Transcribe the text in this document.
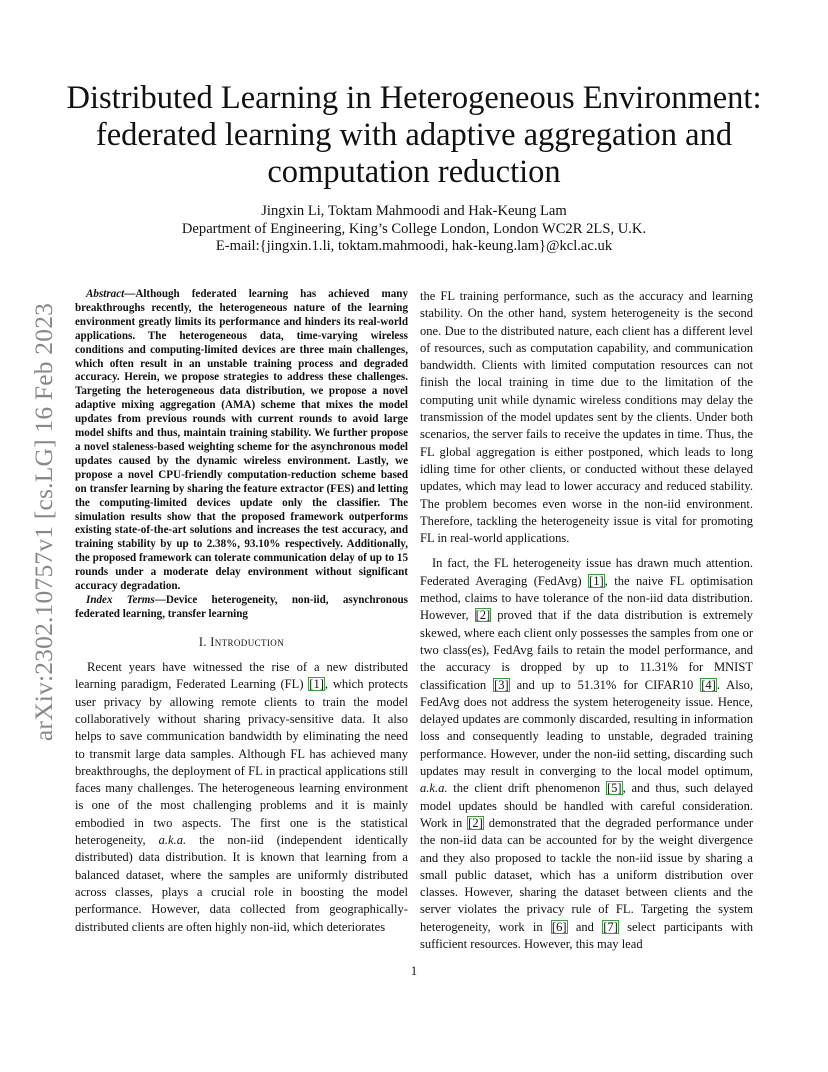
arXiv:2302.10757v1 [cs.LG] 16 Feb 2023
Distributed Learning in Heterogeneous Environment:
federated learning with adaptive aggregation and
computation reduction
Jingxin Li, Toktam Mahmoodi and Hak-Keung Lam
Department of Engineering, King’s College London, London WC2R 2LS, U.K.
E-mail:{jingxin.1.li, toktam.mahmoodi, hak-keung.lam}@kcl.ac.uk

Abstract—Although federated learning has achieved many breakthroughs recently, the heterogeneous nature of the learning environment greatly limits its performance and hinders its real-world applications. The heterogeneous data, time-varying wireless conditions and computing-limited devices are three main challenges, which often result in an unstable training process and degraded accuracy. Herein, we propose strategies to address these challenges. Targeting the heterogeneous data distribution, we propose a novel adaptive mixing aggregation (AMA) scheme that mixes the model updates from previous rounds with current rounds to avoid large model shifts and thus, maintain training stability. We further propose a novel staleness-based weighting scheme for the asynchronous model updates caused by the dynamic wireless environment. Lastly, we propose a novel CPU-friendly computation-reduction scheme based on transfer learning by sharing the feature extractor (FES) and letting the computing-limited devices update only the classifier. The simulation results show that the proposed framework outperforms existing state-of-the-art solutions and increases the test accuracy, and training stability by up to 2.38%, 93.10% respectively. Additionally, the proposed framework can tolerate communication delay of up to 15 rounds under a moderate delay environment without significant accuracy degradation.

Index Terms—Device heterogeneity, non-iid, asynchronous federated learning, transfer learning

I. Introduction

Recent years have witnessed the rise of a new distributed learning paradigm, Federated Learning (FL) [1], which protects user privacy by allowing remote clients to train the model collaboratively without sharing privacy-sensitive data. It also helps to save communication bandwidth by eliminating the need to transmit large data samples. Although FL has achieved many breakthroughs, the deployment of FL in practical applications still faces many challenges. The heterogeneous learning environment is one of the most challenging problems and it is mainly embodied in two aspects. The first one is the statistical heterogeneity, a.k.a. the non-iid (independent identically distributed) data distribution. It is known that learning from a balanced dataset, where the samples are uniformly distributed across classes, plays a crucial role in boosting the model performance. However, data collected from geographically-distributed clients are often highly non-iid, which deteriorates

the FL training performance, such as the accuracy and learning stability. On the other hand, system heterogeneity is the second one. Due to the distributed nature, each client has a different level of resources, such as computation capability, and communication bandwidth. Clients with limited computation resources can not finish the local training in time due to the limitation of the computing unit while dynamic wireless conditions may delay the transmission of the model updates sent by the clients. Under both scenarios, the server fails to receive the updates in time. Thus, the FL global aggregation is either postponed, which leads to long idling time for other clients, or conducted without these delayed updates, which may lead to lower accuracy and reduced stability. The problem becomes even worse in the non-iid environment. Therefore, tackling the heterogeneity issue is vital for promoting FL in real-world applications.

In fact, the FL heterogeneity issue has drawn much attention. Federated Averaging (FedAvg) [1], the naive FL optimisation method, claims to have tolerance of the non-iid data distribution. However, [2] proved that if the data distribution is extremely skewed, where each client only possesses the samples from one or two class(es), FedAvg fails to retain the model performance, and the accuracy is dropped by up to 11.31% for MNIST classification [3] and up to 51.31% for CIFAR10 [4]. Also, FedAvg does not address the system heterogeneity issue. Hence, delayed updates are commonly discarded, resulting in information loss and consequently leading to unstable, degraded training performance. However, under the non-iid setting, discarding such updates may result in converging to the local model optimum, a.k.a. the client drift phenomenon [5], and thus, such delayed model updates should be handled with careful consideration. Work in [2] demonstrated that the degraded performance under the non-iid data can be accounted for by the weight divergence and they also proposed to tackle the non-iid issue by sharing a small public dataset, which has a uniform distribution over classes. However, sharing the dataset between clients and the server violates the privacy rule of FL. Targeting the system heterogeneity, work in [6] and [7] select participants with sufficient resources. However, this may lead

1
